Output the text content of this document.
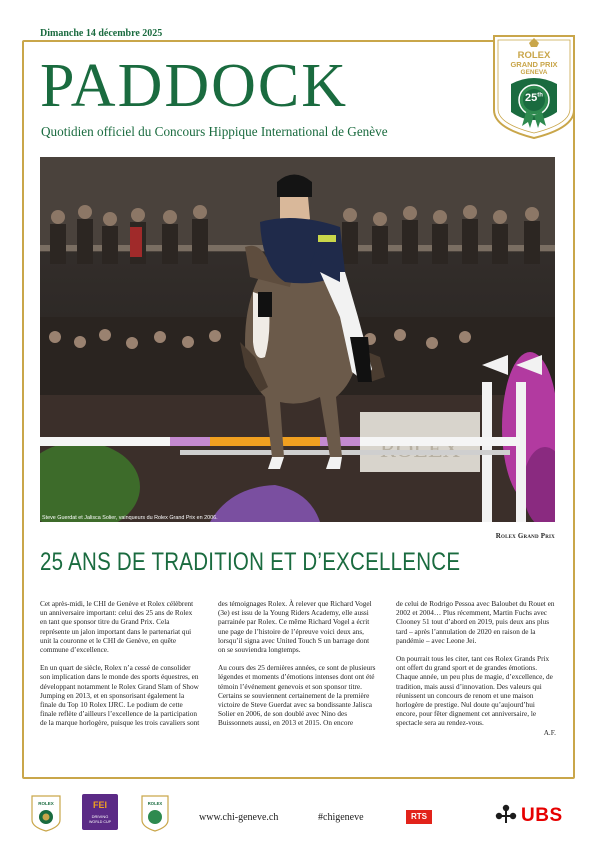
Dimanche 14 décembre 2025
PADDOCK
Quotidien officiel du Concours Hippique International de Genève
ROLEX
GRAND PRIX
GENEVA
25th
Steve Guerdat et Jalisca Solier, vainqueurs du Rolex Grand Prix en 2006.
Rolex Grand Prix
25 ANS DE TRADITION ET D’EXCELLENCE

Cet après-midi, le CHI de Genève et Rolex célèbrent un anniversaire important: celui des 25 ans de Rolex en tant que sponsor titre du Grand Prix. Cela représente un jalon important dans le partenariat qui unit la couronne et le CHI de Genève, en quête commune d’excellence.

En un quart de siècle, Rolex n’a cessé de consolider son implication dans le monde des sports équestres, en développant notamment le Rolex Grand Slam of Show Jumping en 2013, et en sponsorisant également la finale du Top 10 Rolex IJRC. Le podium de cette finale reflète d’ailleurs l’excellence de la participation de la marque horlogère, puisque les trois cavaliers sont

des témoignages Rolex. À relever que Richard Vogel (3e) est issu de la Young Riders Academy, elle aussi parrainée par Rolex. Ce même Richard Vogel a écrit une page de l’histoire de l’épreuve voici deux ans, lorsqu’il signa avec United Touch S un barrage dont on se souviendra longtemps.

Au cours des 25 dernières années, ce sont de plusieurs légendes et moments d’émotions intenses dont ont été témoin l’événement genevois et son sponsor titre. Certains se souviennent certainement de la première victoire de Steve Guerdat avec sa bondissante Jalisca Solier en 2006, de son doublé avec Nino des Buissonnets aussi, en 2013 et 2015. On encore

de celui de Rodrigo Pessoa avec Baloubet du Rouet en 2002 et 2004… Plus récemment, Martin Fuchs avec Clooney 51 tout d’abord en 2019, puis deux ans plus tard – après l’annulation de 2020 en raison de la pandémie – avec Leone Jei.

On pourrait tous les citer, tant ces Rolex Grands Prix ont offert du grand sport et de grandes émotions. Chaque année, un peu plus de magie, d’excellence, de tradition, mais aussi d’innovation. Des valeurs qui réunissent un concours de renom et une maison horlogère de prestige. Nul doute qu’aujourd’hui encore, pour fêter dignement cet anniversaire, le spectacle sera au rendez-vous.

A.F.
ROLEX	FEI
DRIVING
WORLD CUP
ROLEX
www.chi-geneve.ch	#chigeneve	RTS	UBS
